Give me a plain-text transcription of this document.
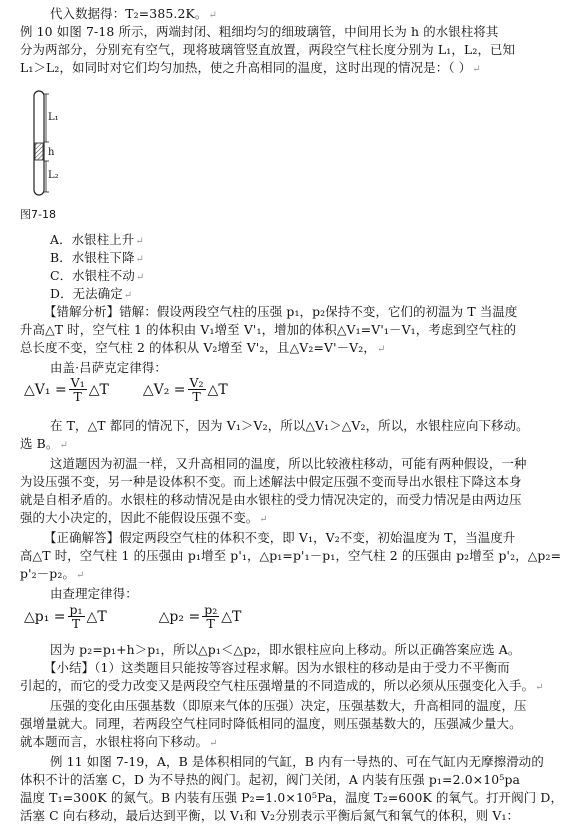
代入数据得：T₂=385.2K。↵
例 10 如图 7-18 所示，两端封闭、粗细均匀的细玻璃管，中间用长为 h 的水银柱将其
分为两部分，分别充有空气，现将玻璃管竖直放置，两段空气柱长度分别为 L₁，L₂，已知
L₁＞L₂，如同时对它们均匀加热，使之升高相同的温度，这时出现的情况是：（ ）↵
L₁
h
L₂
图7-18
A．水银柱上升↵
B．水银柱下降↵
C．水银柱不动↵
D．无法确定↵
【错解分析】错解：假设两段空气柱的压强 p₁，p₂保持不变，它们的初温为 T 当温度
升高△T 时，空气柱 1 的体积由 V₁增至 V'₁，增加的体积△V₁=V'₁－V₁，考虑到空气柱的
总长度不变，空气柱 2 的体积从 V₂增至 V'₂，且△V₂=V'－V₂，↵
由盖·吕萨克定律得：
△V₁ = $\frac{\text{V₁}}{T}$ △T △V₂ = $\frac{\text{V₂}}{T}$ △T
在 T，△T 都同的情况下，因为 V₁＞V₂，所以△V₁＞△V₂，所以，水银柱应向下移动。
选 B。↵
这道题因为初温一样，又升高相同的温度，所以比较液柱移动，可能有两种假设，一种
为设压强不变，另一种是设体积不变。而上述解法中假定压强不变而导出水银柱下降这本身
就是自相矛盾的。水银柱的移动情况是由水银柱的受力情况决定的，而受力情况是由两边压
强的大小决定的，因此不能假设压强不变。↵
【正确解答】假定两段空气柱的体积不变，即 V₁，V₂不变，初始温度为 T，当温度升
高△T 时，空气柱 1 的压强由 p₁增至 p'₁，△p₁=p'₁－p₁，空气柱 2 的压强由 p₂增至 p'₂，△p₂=
p'₂－p₂。↵
由查理定律得：
△p₁ = $\frac{\text{p₁}}{T}$ △T	△p₂ = $\frac{\text{p₂}}{T}$ △T
因为 p₂=p₁+h＞p₁，所以△p₁＜△p₂，即水银柱应向上移动。所以正确答案应选 A。
【小结】（1）这类题目只能按等容过程求解。因为水银柱的移动是由于受力不平衡而
引起的，而它的受力改变又是两段空气柱压强增量的不同造成的，所以必须从压强变化入手。↵
压强的变化由压强基数（即原来气体的压强）决定，压强基数大，升高相同的温度，压
强增量就大。同理，若两段空气柱同时降低相同的温度，则压强基数大的，压强减少量大。
就本题而言，水银柱将向下移动。↵
例 11 如图 7-19，A，B 是体积相同的气缸，B 内有一导热的、可在气缸内无摩擦滑动的
体积不计的活塞 C，D 为不导热的阀门。起初，阀门关闭，A 内装有压强 p₁=2.0×10⁵pa
温度 T₁=300K 的氮气。B 内装有压强 P₂=1.0×10⁵Pa，温度 T₂=600K 的氧气。打开阀门 D，
活塞 C 向右移动，最后达到平衡，以 V₁和 V₂分别表示平衡后氮气和氧气的体积，则 V₁：
